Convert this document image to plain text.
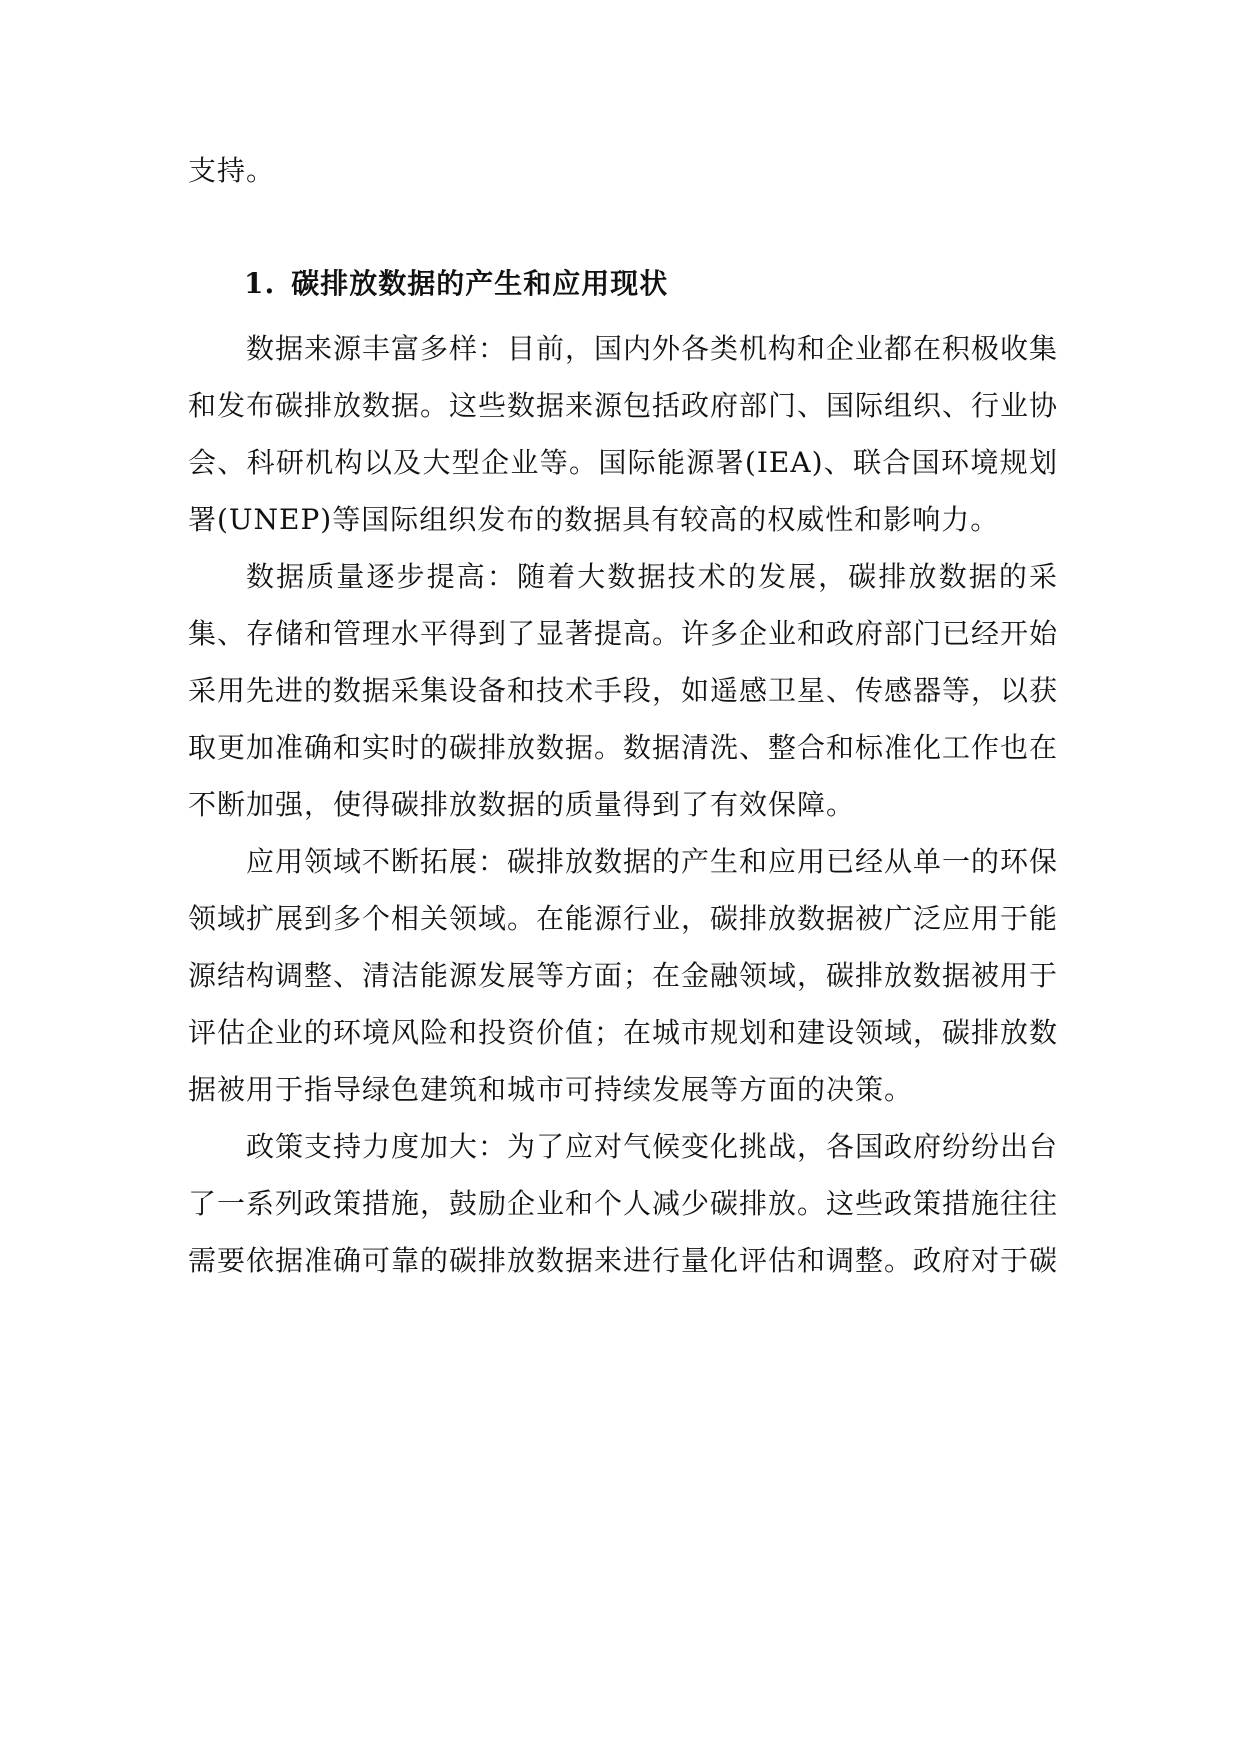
支持。

1. 碳排放数据的产生和应用现状

数据来源丰富多样：目前，国内外各类机构和企业都在积极收集和发布碳排放数据。这些数据来源包括政府部门、国际组织、行业协会、科研机构以及大型企业等。国际能源署(IEA)、联合国环境规划署(UNEP)等国际组织发布的数据具有较高的权威性和影响力。

数据质量逐步提高：随着大数据技术的发展，碳排放数据的采集、存储和管理水平得到了显著提高。许多企业和政府部门已经开始采用先进的数据采集设备和技术手段，如遥感卫星、传感器等，以获取更加准确和实时的碳排放数据。数据清洗、整合和标准化工作也在不断加强，使得碳排放数据的质量得到了有效保障。

应用领域不断拓展：碳排放数据的产生和应用已经从单一的环保领域扩展到多个相关领域。在能源行业，碳排放数据被广泛应用于能源结构调整、清洁能源发展等方面；在金融领域，碳排放数据被用于评估企业的环境风险和投资价值；在城市规划和建设领域，碳排放数据被用于指导绿色建筑和城市可持续发展等方面的决策。

政策支持力度加大：为了应对气候变化挑战，各国政府纷纷出台了一系列政策措施，鼓励企业和个人减少碳排放。这些政策措施往往需要依据准确可靠的碳排放数据来进行量化评估和调整。政府对于碳
